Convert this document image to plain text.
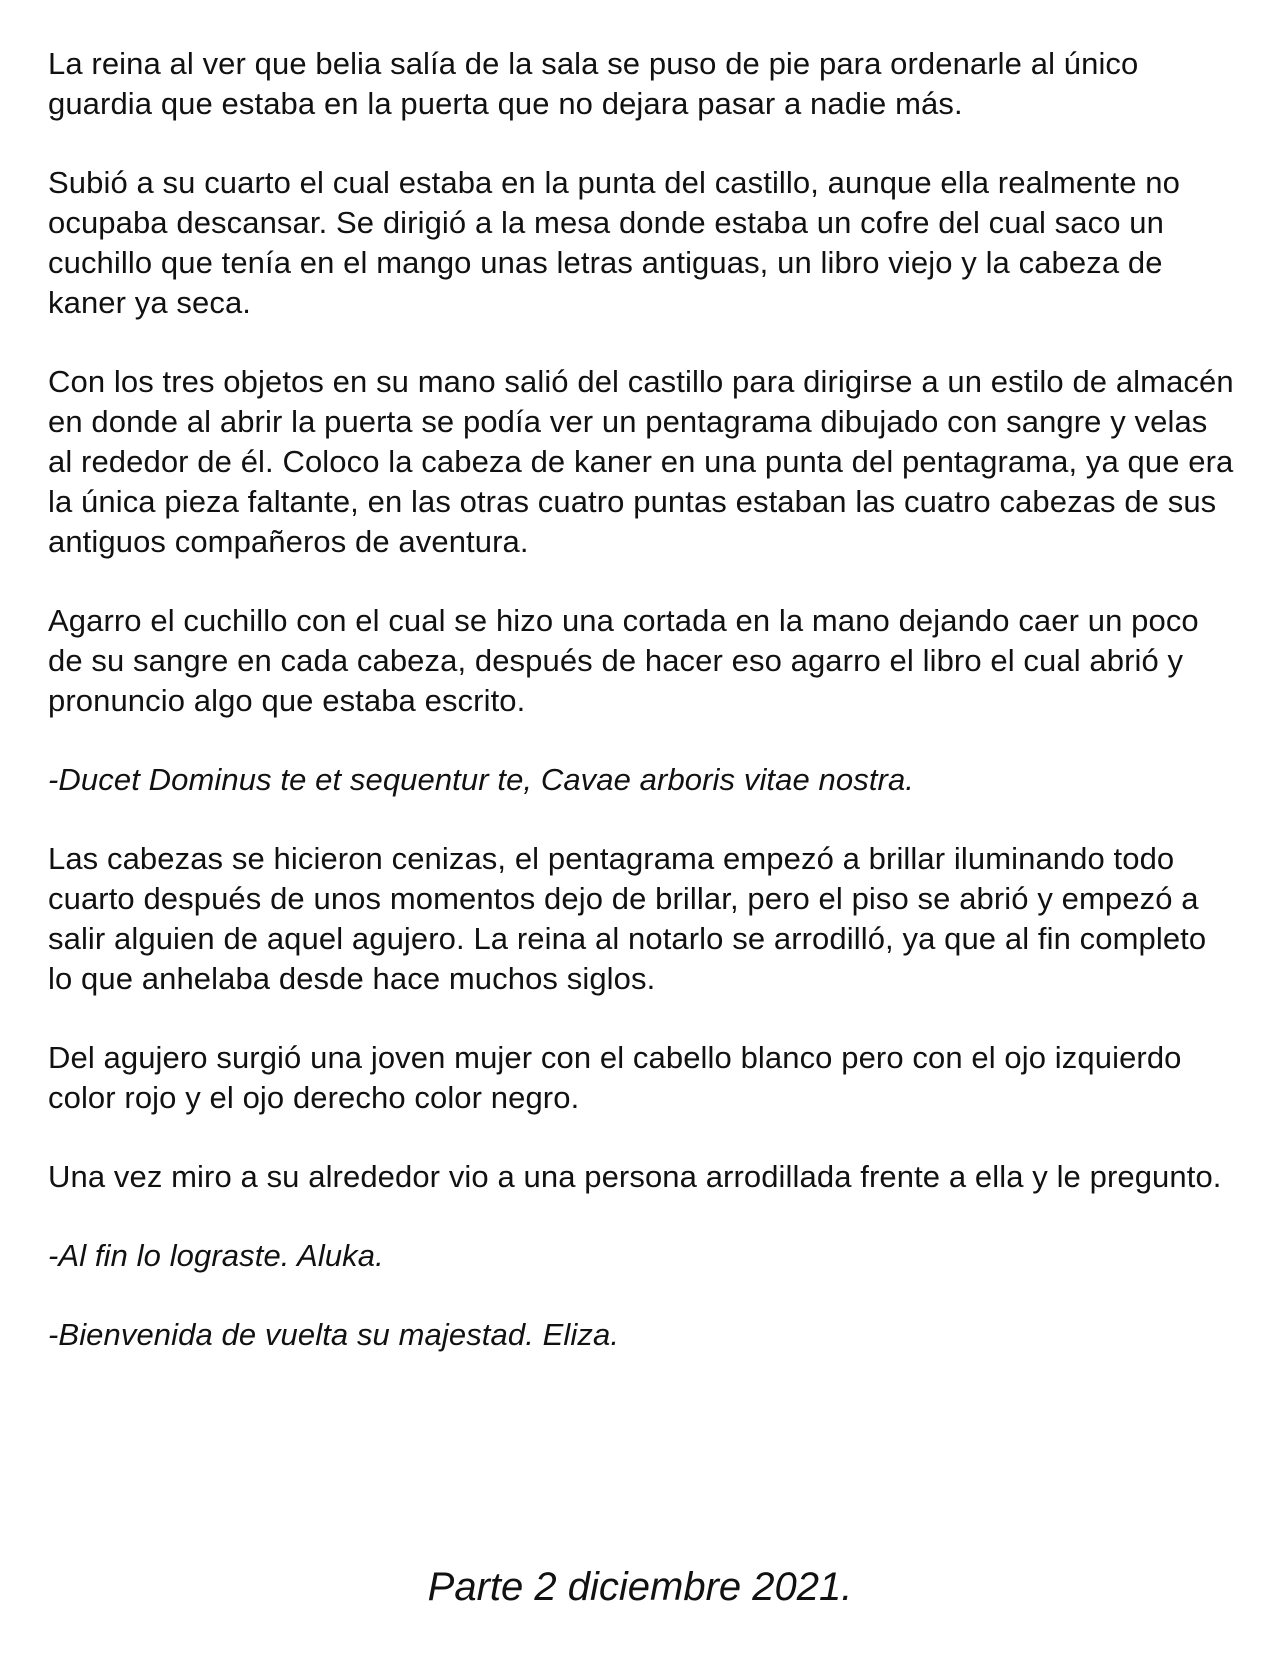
La reina al ver que belia salía de la sala se puso de pie para ordenarle al único guardia que estaba en la puerta que no dejara pasar a nadie más.

Subió a su cuarto el cual estaba en la punta del castillo, aunque ella realmente no ocupaba descansar. Se dirigió a la mesa donde estaba un cofre del cual saco un cuchillo que tenía en el mango unas letras antiguas, un libro viejo y la cabeza de kaner ya seca.

Con los tres objetos en su mano salió del castillo para dirigirse a un estilo de almacén en donde al abrir la puerta se podía ver un pentagrama dibujado con sangre y velas al rededor de él. Coloco la cabeza de kaner en una punta del pentagrama, ya que era la única pieza faltante, en las otras cuatro puntas estaban las cuatro cabezas de sus antiguos compañeros de aventura.

Agarro el cuchillo con el cual se hizo una cortada en la mano dejando caer un poco de su sangre en cada cabeza, después de hacer eso agarro el libro el cual abrió y pronuncio algo que estaba escrito.

-Ducet Dominus te et sequentur te, Cavae arboris vitae nostra.

Las cabezas se hicieron cenizas, el pentagrama empezó a brillar iluminando todo cuarto después de unos momentos dejo de brillar, pero el piso se abrió y empezó a salir alguien de aquel agujero. La reina al notarlo se arrodilló, ya que al fin completo lo que anhelaba desde hace muchos siglos.

Del agujero surgió una joven mujer con el cabello blanco pero con el ojo izquierdo color rojo y el ojo derecho color negro.

Una vez miro a su alrededor vio a una persona arrodillada frente a ella y le pregunto.

-Al fin lo lograste. Aluka.

-Bienvenida de vuelta su majestad. Eliza.

Parte 2 diciembre 2021.
